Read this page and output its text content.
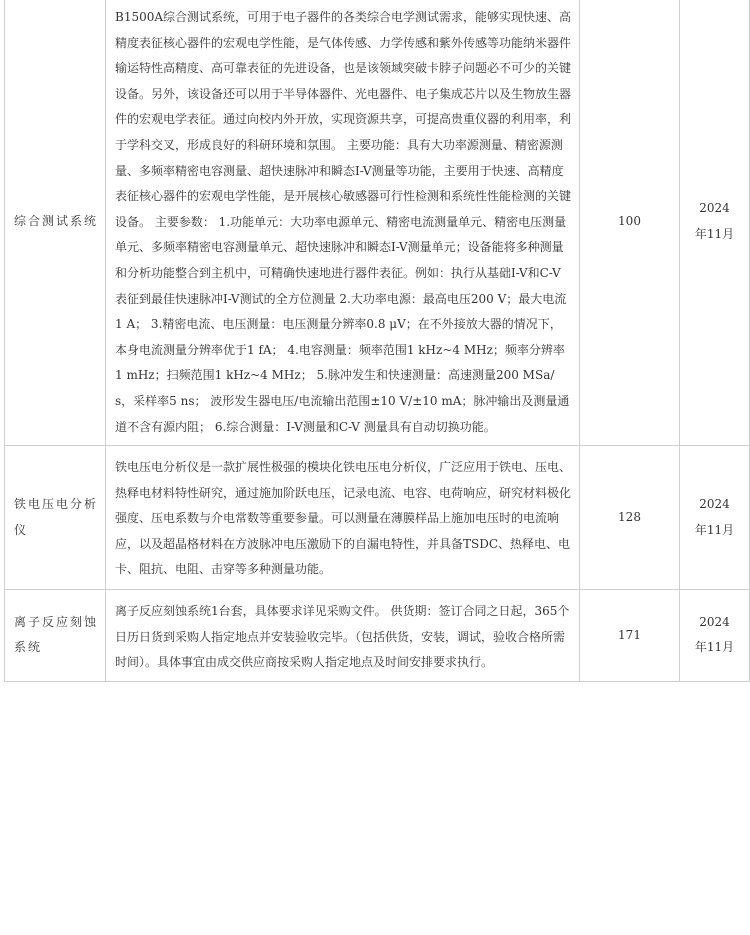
综合测试系统	B1500A综合测试系统，可用于电子器件的各类综合电学测试需求，能够实现快速、高精度表征核心器件的宏观电学性能，是气体传感、力学传感和紫外传感等功能纳米器件输运特性高精度、高可靠表征的先进设备，也是该领域突破卡脖子问题必不可少的关键设备。另外，该设备还可以用于半导体器件、光电器件、电子集成芯片以及生物放生器件的宏观电学表征。通过向校内外开放，实现资源共享，可提高贵重仪器的利用率，利于学科交叉，形成良好的科研环境和氛围。 主要功能：具有大功率源测量、精密源测量、多频率精密电容测量、超快速脉冲和瞬态I-V测量等功能，主要用于快速、高精度表征核心器件的宏观电学性能，是开展核心敏感器可行性检测和系统性性能检测的关键设备。 主要参数： 1.功能单元：大功率电源单元、精密电流测量单元、精密电压测量单元、多频率精密电容测量单元、超快速脉冲和瞬态I-V测量单元；设备能将多种测量和分析功能整合到主机中，可精确快速地进行器件表征。例如：执行从基础I-V和C-V表征到最佳快速脉冲I-V测试的全方位测量 2.大功率电源：最高电压200 V；最大电流1 A； 3.精密电流、电压测量：电压测量分辨率0.8 μV；在不外接放大器的情况下，本身电流测量分辨率优于1 fA； 4.电容测量：频率范围1 kHz~4 MHz；频率分辨率1 mHz；扫频范围1 kHz~4 MHz； 5.脉冲发生和快速测量：高速测量200 MSa/s，采样率5 ns； 波形发生器电压/电流输出范围±10 V/±10 mA；脉冲输出及测量通道不含有源内阻； 6.综合测量：I-V测量和C-V 测量具有自动切换功能。	100	2024年11月
铁电压电分析仪	铁电压电分析仪是一款扩展性极强的模块化铁电压电分析仪，广泛应用于铁电、压电、热释电材料特性研究，通过施加阶跃电压，记录电流、电容、电荷响应，研究材料极化强度、压电系数与介电常数等重要参量。可以测量在薄膜样品上施加电压时的电流响应，以及超晶格材料在方波脉冲电压激励下的自漏电特性，并具备TSDC、热释电、电卡、阻抗、电阻、击穿等多种测量功能。	128	2024年11月
离子反应刻蚀系统	离子反应刻蚀系统1台套，具体要求详见采购文件。 供货期：签订合同之日起，365个日历日货到采购人指定地点并安装验收完毕。（包括供货，安装，调试，验收合格所需时间）。具体事宜由成交供应商按采购人指定地点及时间安排要求执行。	171	2024年11月
